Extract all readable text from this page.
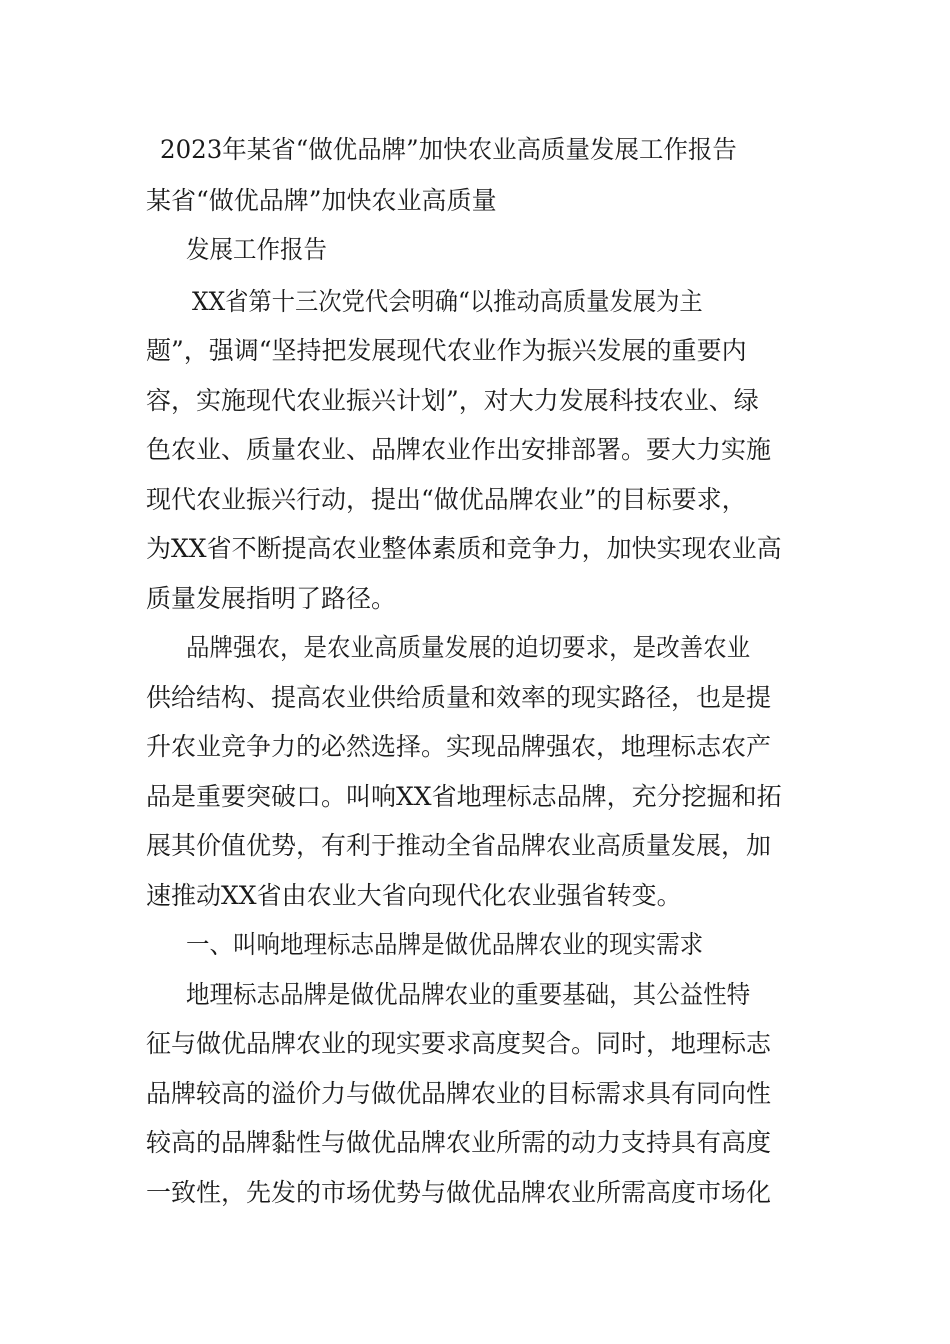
2023年某省“做优品牌”加快农业高质量发展工作报告

某省“做优品牌”加快农业高质量

发展工作报告

XX省第十三次党代会明确“以推动高质量发展为主

题”，强调“坚持把发展现代农业作为振兴发展的重要内

容，实施现代农业振兴计划”，对大力发展科技农业、绿

色农业、质量农业、品牌农业作出安排部署。要大力实施

现代农业振兴行动，提出“做优品牌农业”的目标要求，

为XX省不断提高农业整体素质和竞争力，加快实现农业高

质量发展指明了路径。

品牌强农，是农业高质量发展的迫切要求，是改善农业

供给结构、提高农业供给质量和效率的现实路径，也是提

升农业竞争力的必然选择。实现品牌强农，地理标志农产

品是重要突破口。叫响XX省地理标志品牌，充分挖掘和拓

展其价值优势，有利于推动全省品牌农业高质量发展，加

速推动XX省由农业大省向现代化农业强省转变。

一、叫响地理标志品牌是做优品牌农业的现实需求

地理标志品牌是做优品牌农业的重要基础，其公益性特

征与做优品牌农业的现实要求高度契合。同时，地理标志

品牌较高的溢价力与做优品牌农业的目标需求具有同向性

较高的品牌黏性与做优品牌农业所需的动力支持具有高度

一致性，先发的市场优势与做优品牌农业所需高度市场化
